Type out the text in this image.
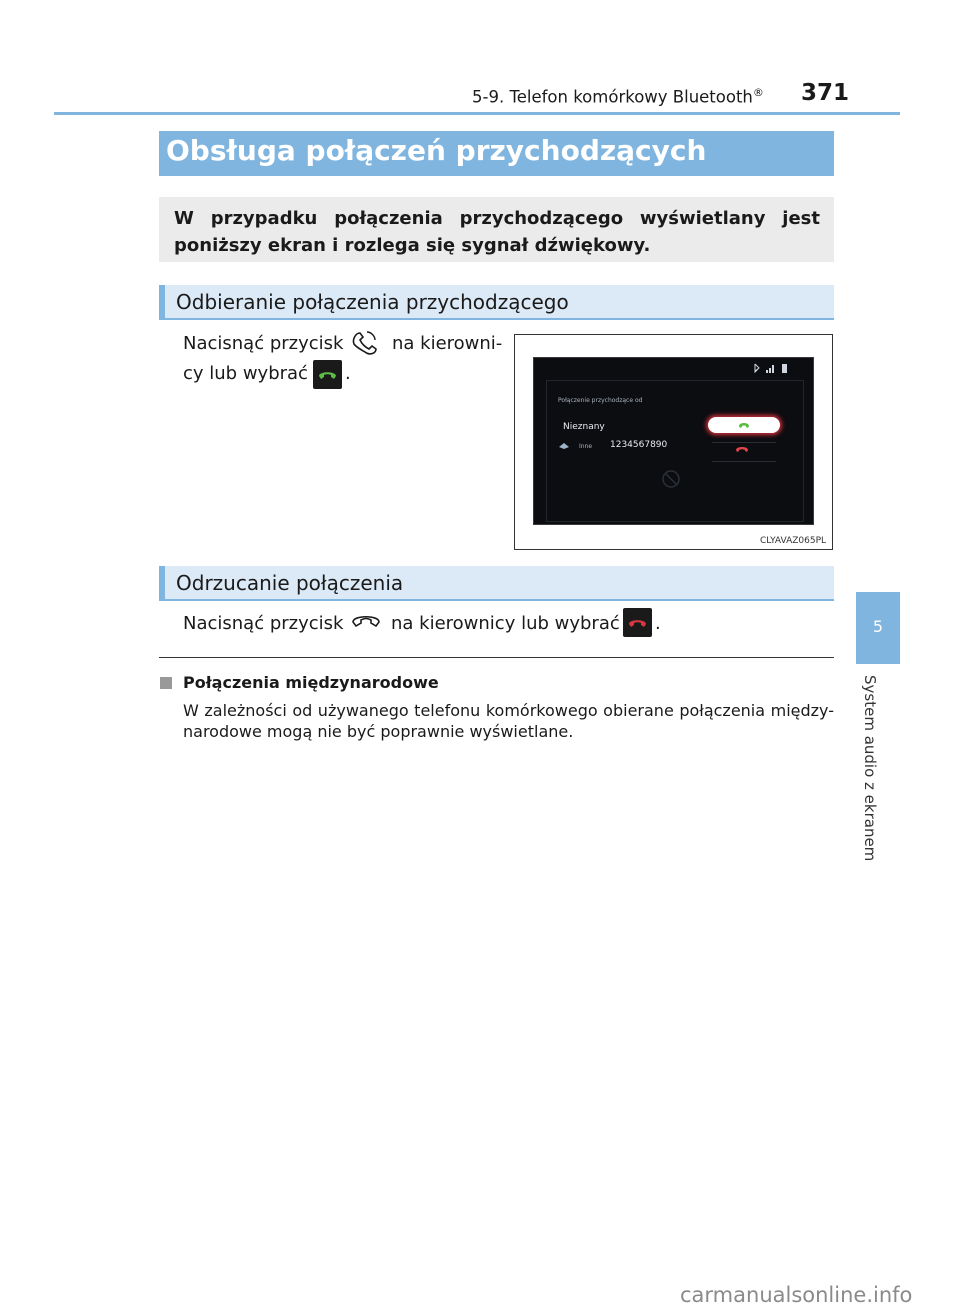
5-9. Telefon komórkowy Bluetooth® 371
5
System audio z ekranem
Obsługa połączeń przychodzących
W przypadku połączenia przychodzącego wyświetlany jest poniższy ekran i rozlega się sygnał dźwiękowy.
Odbieranie połączenia przychodzącego
Nacisnąć przycisk	na kierowni-
cy lub wybrać .
Połączenie przychodzące od
Nieznany
Inne 1234567890
CLYAVAZ065PL
Odrzucanie połączenia
Nacisnąć przycisk	na kierownicy lub wybrać .
Połączenia międzynarodowe
W zależności od używanego telefonu komórkowego obierane połączenia między-narodowe mogą nie być poprawnie wyświetlane.
carmanualsonline.info
